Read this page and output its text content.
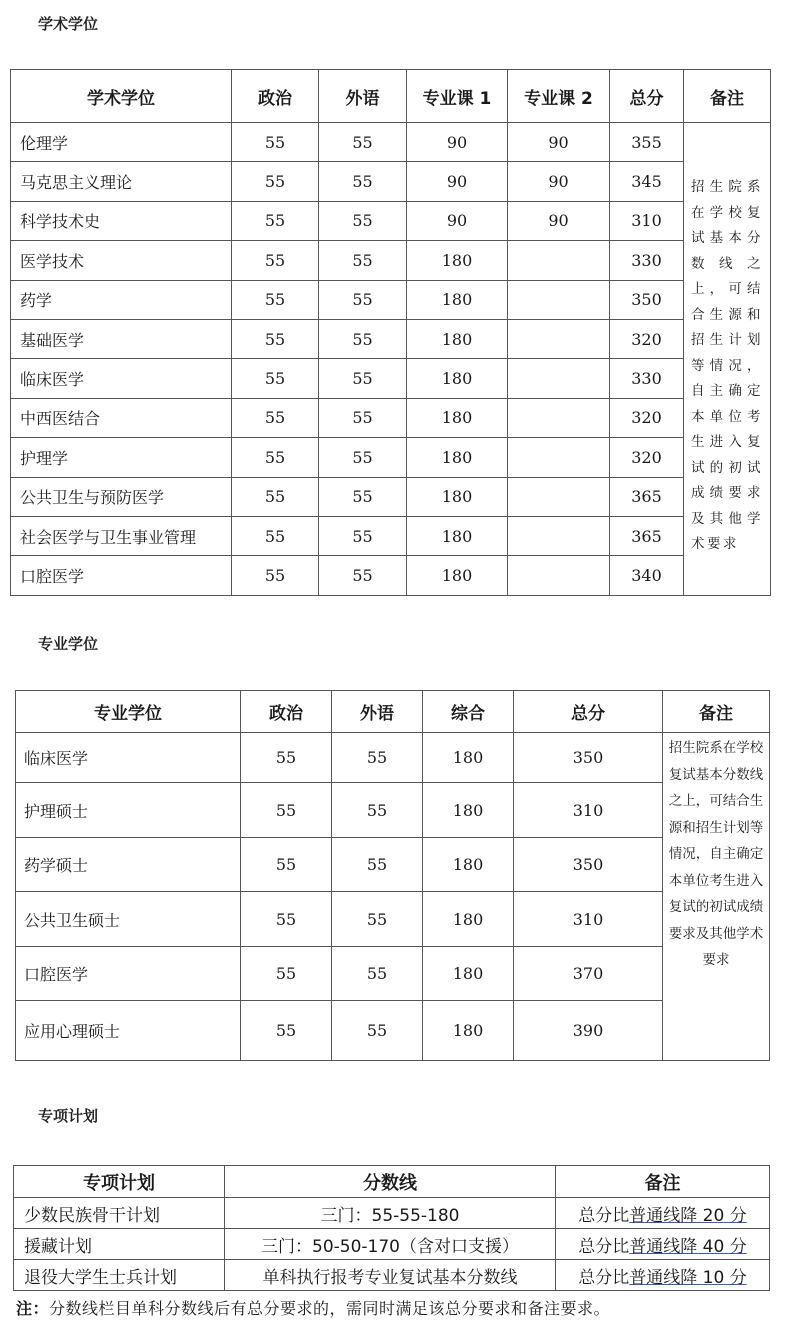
学术学位
学术学位	政治	外语	专业课 1	专业课 2	总分	备注
伦理学	55	55	90	90	355	招生院系在学校复试基本分数线之上，可结合生源和招生计划等情况，自主确定本单位考生进入复试的初试成绩要求及其他学术要求
马克思主义理论	55	55	90	90	345	
科学技术史	55	55	90	90	310	
医学技术	55	55	180		330	
药学	55	55	180		350	
基础医学	55	55	180		320	
临床医学	55	55	180		330	
中西医结合	55	55	180		320	
护理学	55	55	180		320	
公共卫生与预防医学	55	55	180		365	
社会医学与卫生事业管理	55	55	180		365	
口腔医学	55	55	180		340	
专业学位
专业学位	政治	外语	综合	总分	备注
临床医学	55	55	180	350	招生院系在学校复试基本分数线之上，可结合生源和招生计划等情况，自主确定本单位考生进入复试的初试成绩要求及其他学术要求
护理硕士	55	55	180	310	
药学硕士	55	55	180	350	
公共卫生硕士	55	55	180	310	
口腔医学	55	55	180	370	
应用心理硕士	55	55	180	390	
专项计划
专项计划	分数线	备注
少数民族骨干计划	三门：55-55-180	总分比普通线降 20 分
援藏计划	三门：50-50-170（含对口支援）	总分比普通线降 40 分
退役大学生士兵计划	单科执行报考专业复试基本分数线	总分比普通线降 10 分
注：分数线栏目单科分数线后有总分要求的，需同时满足该总分要求和备注要求。
